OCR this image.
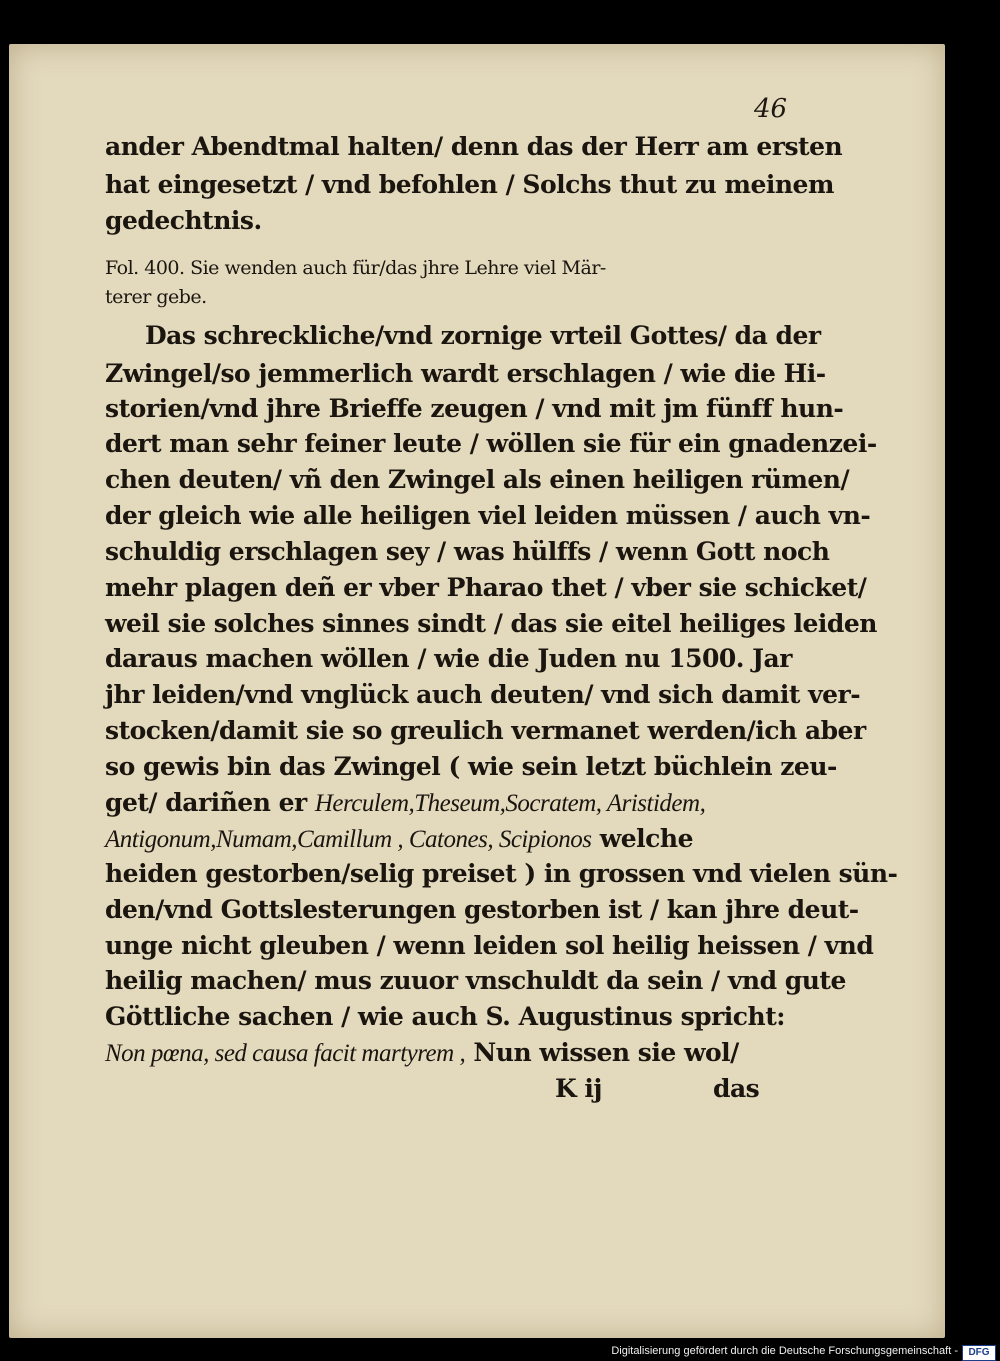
46
ander Abendtmal halten/ denn das der Herr am ersten
hat eingesetzt / vnd befohlen / Solchs thut zu meinem
gedechtnis.
Fol. 400. Sie wenden auch für/das jhre Lehre viel Mär-
terer gebe.
Das schreckliche/vnd zornige vrteil Gottes/ da der
Zwingel/so jemmerlich wardt erschlagen / wie die Hi-
storien/vnd jhre Brieffe zeugen / vnd mit jm fünff hun-
dert man sehr feiner leute / wöllen sie für ein gnadenzei-
chen deuten/ vñ den Zwingel als einen heiligen rümen/
der gleich wie alle heiligen viel leiden müssen / auch vn-
schuldig erschlagen sey / was hülffs / wenn Gott noch
mehr plagen deñ er vber Pharao thet / vber sie schicket/
weil sie solches sinnes sindt / das sie eitel heiliges leiden
daraus machen wöllen / wie die Juden nu 1500. Jar
jhr leiden/vnd vnglück auch deuten/ vnd sich damit ver-
stocken/damit sie so greulich vermanet werden/ich aber
so gewis bin das Zwingel ( wie sein letzt büchlein zeu-
get/ dariñen er Herculem,Theseum,Socratem, Aristidem,
Antigonum,Numam,Camillum , Catones, Scipionos welche
heiden gestorben/selig preiset ) in grossen vnd vielen sün-
den/vnd Gottslesterungen gestorben ist / kan jhre deut-
unge nicht gleuben / wenn leiden sol heilig heissen / vnd
heilig machen/ mus zuuor vnschuldt da sein / vnd gute
Göttliche sachen / wie auch S. Augustinus spricht:
Non pœna, sed causa facit martyrem , Nun wissen sie wol/
K ij	das
Digitalisierung gefördert durch die Deutsche Forschungsgemeinschaft -	DFG
